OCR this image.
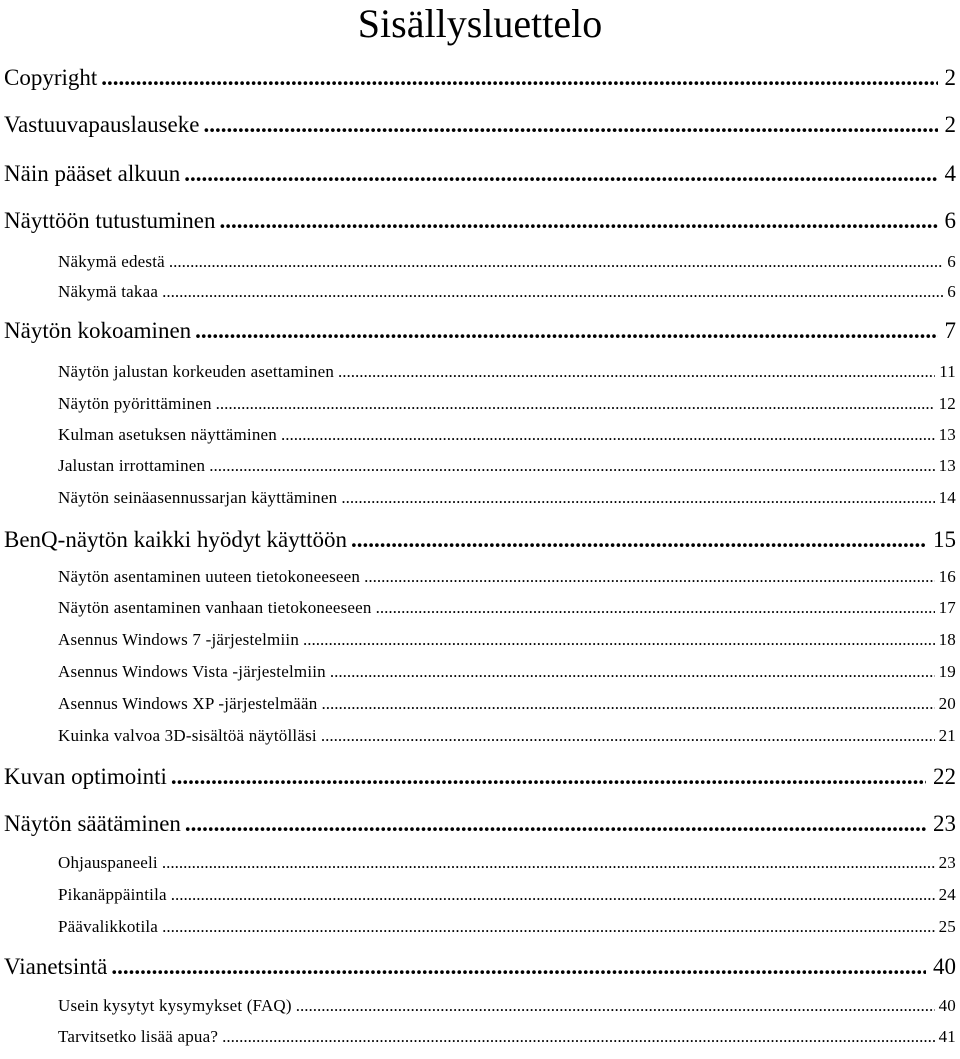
Sisällysluettelo
Copyright .....	2
Vastuuvapauslauseke .....	2
Näin pääset alkuun .....	4
Näyttöön tutustuminen .....	6
Näkymä edestä .....	6
Näkymä takaa .....	6
Näytön kokoaminen .....	7
Näytön jalustan korkeuden asettaminen .....	11
Näytön pyörittäminen .....	12
Kulman asetuksen näyttäminen .....	13
Jalustan irrottaminen .....	13
Näytön seinäasennussarjan käyttäminen .....	14
BenQ-näytön kaikki hyödyt käyttöön .....	15
Näytön asentaminen uuteen tietokoneeseen .....	16
Näytön asentaminen vanhaan tietokoneeseen .....	17
Asennus Windows 7 -järjestelmiin .....	18
Asennus Windows Vista -järjestelmiin .....	19
Asennus Windows XP -järjestelmään .....	20
Kuinka valvoa 3D-sisältöä näytölläsi .....	21
Kuvan optimointi .....	22
Näytön säätäminen .....	23
Ohjauspaneeli .....	23
Pikanäppäintila .....	24
Päävalikkotila .....	25
Vianetsintä .....	40
Usein kysytyt kysymykset (FAQ) .....	40
Tarvitsetko lisää apua? .....	41
